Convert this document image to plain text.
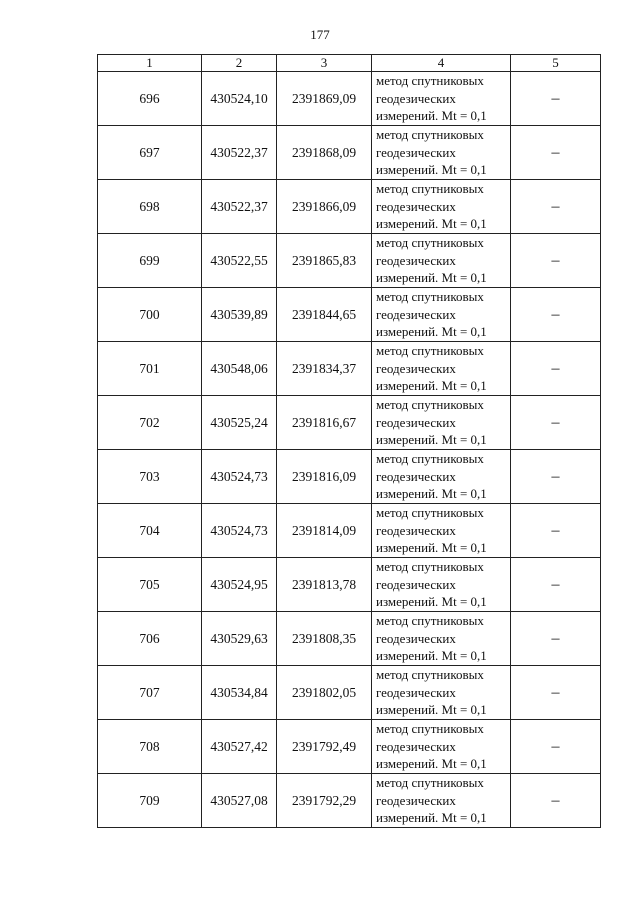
177
1	2	3	4	5
696	430524,10	2391869,09	метод спутниковых
геодезических
измерений. Mt = 0,1	–
697	430522,37	2391868,09	метод спутниковых
геодезических
измерений. Mt = 0,1	–
698	430522,37	2391866,09	метод спутниковых
геодезических
измерений. Mt = 0,1	–
699	430522,55	2391865,83	метод спутниковых
геодезических
измерений. Mt = 0,1	–
700	430539,89	2391844,65	метод спутниковых
геодезических
измерений. Mt = 0,1	–
701	430548,06	2391834,37	метод спутниковых
геодезических
измерений. Mt = 0,1	–
702	430525,24	2391816,67	метод спутниковых
геодезических
измерений. Mt = 0,1	–
703	430524,73	2391816,09	метод спутниковых
геодезических
измерений. Mt = 0,1	–
704	430524,73	2391814,09	метод спутниковых
геодезических
измерений. Mt = 0,1	–
705	430524,95	2391813,78	метод спутниковых
геодезических
измерений. Mt = 0,1	–
706	430529,63	2391808,35	метод спутниковых
геодезических
измерений. Mt = 0,1	–
707	430534,84	2391802,05	метод спутниковых
геодезических
измерений. Mt = 0,1	–
708	430527,42	2391792,49	метод спутниковых
геодезических
измерений. Mt = 0,1	–
709	430527,08	2391792,29	метод спутниковых
геодезических
измерений. Mt = 0,1	–
